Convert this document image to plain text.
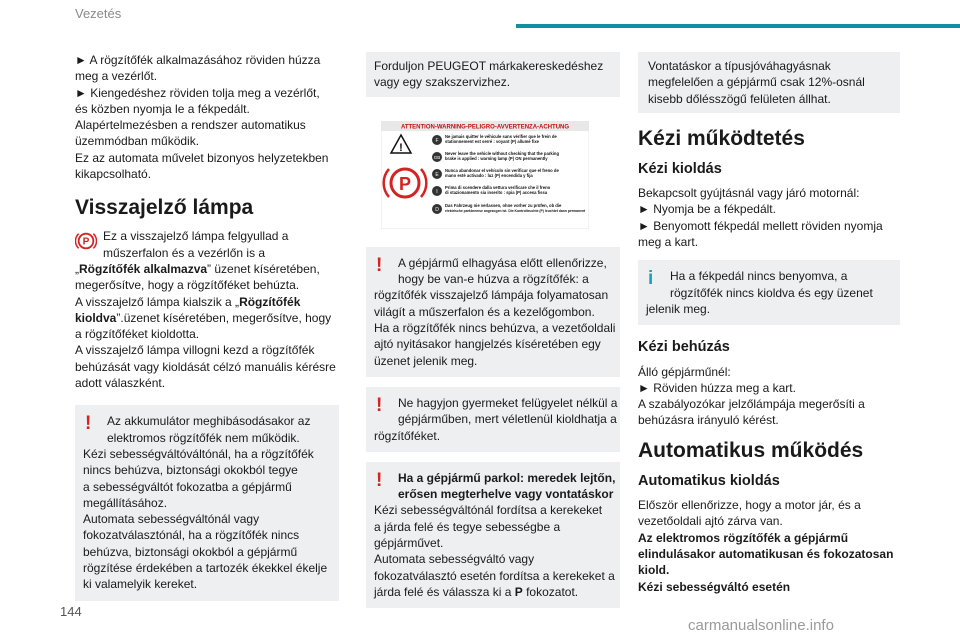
Vezetés
► A rögzítőfék alkalmazásához röviden húzza
meg a vezérlőt.
► Kiengedéshez röviden tolja meg a vezérlőt,
és közben nyomja le a fékpedált.
Alapértelmezésben a rendszer automatikus
üzemmódban működik.
Ez az automata művelet bizonyos helyzetekben
kikapcsolható.
Visszajelző lámpa
P Ez a visszajelző lámpa felgyullad a
műszerfalon és a vezérlőn is a
„Rögzítőfék alkalmazva” üzenet kíséretében,
megerősítve, hogy a rögzítőféket behúzta.
A visszajelző lámpa kialszik a „Rögzítőfék
kioldva”.üzenet kíséretében, megerősítve, hogy
a rögzítőféket kioldotta.
A visszajelző lámpa villogni kezd a rögzítőfék
behúzását vagy kioldását célzó manuális kérésre
adott válaszként.
!	Az akkumulátor meghibásodásakor az
elektromos rögzítőfék nem működik.
Kézi sebességváltóváltónál, ha a rögzítőfék
nincs behúzva, biztonsági okokból tegye
a sebességváltót fokozatba a gépjármű
megállításához.
Automata sebességváltónál vagy
fokozatválasztónál, ha a rögzítőfék nincs
behúzva, biztonsági okokból a gépjármű
rögzítése érdekében a tartozék ékekkel ékelje
ki valamelyik kereket.
Forduljon PEUGEOT márkakereskedéshez
vagy egy szakszervizhez.
ATTENTION-WARNING-PELIGRO-AVVERTENZA-ACHTUNG
!
P
F
Ne jamais quitter le véhicule sans vérifier que le frein de
stationnement est serré : voyant (P) allumé fixe
GB
Never leave the vehicle without checking that the parking
brake is applied : warning lamp (P) ON permanently
E
Nunca abandonar el vehículo sin verificar que el freno de
mano esté activado : luz (P) encendida y fija
I
Prima di scendere dalla vettura verificare che il freno
di stazionamento sia inserito : spia (P) accesa fissa
D
Das Fahrzeug nie verlassen, ohne vorher zu prüfen, ob die
elektrische parkbremse angezogen ist. Die Kontrolleuchte (P) leuchtet dann permanent
!	A gépjármű elhagyása előtt ellenőrizze,
hogy be van-e húzva a rögzítőfék: a
rögzítőfék visszajelző lámpája folyamatosan
világít a műszerfalon és a kezelőgombon.
Ha a rögzítőfék nincs behúzva, a vezetőoldali
ajtó nyitásakor hangjelzés kíséretében egy
üzenet jelenik meg.
!	Ne hagyjon gyermeket felügyelet nélkül a
gépjárműben, mert véletlenül kioldhatja a
rögzítőféket.
!	Ha a gépjármű parkol: meredek lejtőn,
erősen megterhelve vagy vontatáskor
Kézi sebességváltónál fordítsa a kerekeket
a járda felé és tegye sebességbe a
gépjárművet.
Automata sebességváltó vagy
fokozatválasztó esetén fordítsa a kerekeket a
járda felé és válassza ki a P fokozatot.
Vontatáskor a típusjóváhagyásnak
megfelelően a gépjármű csak 12%-osnál
kisebb dőlésszögű felületen állhat.
Kézi működtetés
Kézi kioldás
Bekapcsolt gyújtásnál vagy járó motornál:
► Nyomja be a fékpedált.
► Benyomott fékpedál mellett röviden nyomja
meg a kart.
i	Ha a fékpedál nincs benyomva, a
rögzítőfék nincs kioldva és egy üzenet
jelenik meg.
Kézi behúzás
Álló gépjárműnél:
► Röviden húzza meg a kart.
A szabályozókar jelzőlámpája megerősíti a
behúzásra irányuló kérést.
Automatikus működés
Automatikus kioldás
Először ellenőrizze, hogy a motor jár, és a
vezetőoldali ajtó zárva van.
Az elektromos rögzítőfék a gépjármű
elindulásakor automatikusan és fokozatosan
kiold.
Kézi sebességváltó esetén
144
carmanualsonline.info
